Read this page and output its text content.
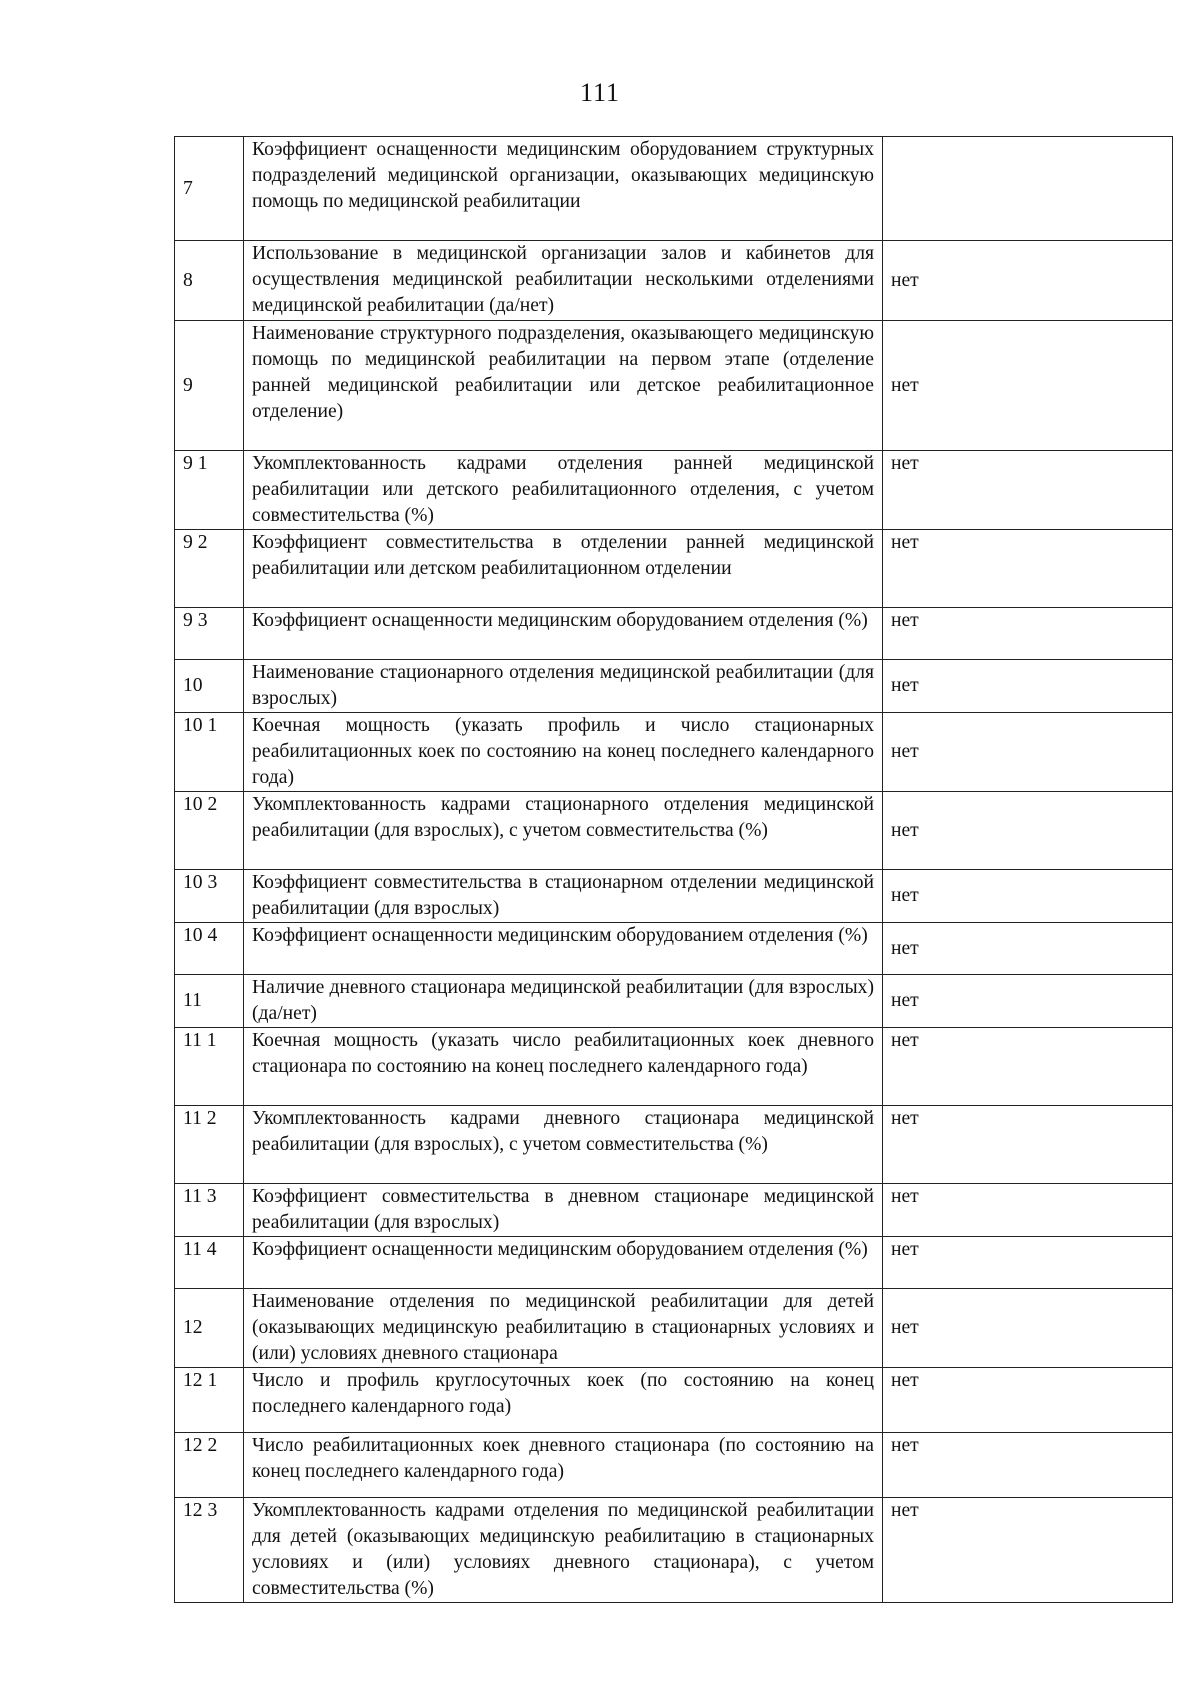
111
7	Коэффициент оснащенности медицинским оборудованием структурных подразделений медицинской организации, оказывающих медицинскую помощь по медицинской реабилитации	
8	Использование в медицинской организации залов и кабинетов для осуществления медицинской реабилитации несколькими отделениями медицинской реабилитации (да/нет)	нет
9	Наименование структурного подразделения, оказывающего медицинскую помощь по медицинской реабилитации на первом этапе (отделение ранней медицинской реабилитации или детское реабилитационное отделение)	нет
9 1	Укомплектованность кадрами отделения ранней медицинской реабилитации или детского реабилитационного отделения, с учетом совместительства (%)	нет
9 2	Коэффициент совместительства в отделении ранней медицинской реабилитации или детском реабилитационном отделении	нет
9 3	Коэффициент оснащенности медицинским оборудованием отделения (%)	нет
10	Наименование стационарного отделения медицинской реабилитации (для взрослых)	нет
10 1	Коечная мощность (указать профиль и число стационарных реабилитационных коек по состоянию на конец последнего календарного года)	нет
10 2	Укомплектованность кадрами стационарного отделения медицинской реабилитации (для взрослых), с учетом совместительства (%)	нет
10 3	Коэффициент совместительства в стационарном отделении медицинской реабилитации (для взрослых)	нет
10 4	Коэффициент оснащенности медицинским оборудованием отделения (%)	нет
11	Наличие дневного стационара медицинской реабилитации (для взрослых) (да/нет)	нет
11 1	Коечная мощность (указать число реабилитационных коек дневного стационара по состоянию на конец последнего календарного года)	нет
11 2	Укомплектованность кадрами дневного стационара медицинской реабилитации (для взрослых), с учетом совместительства (%)	нет
11 3	Коэффициент совместительства в дневном стационаре медицинской реабилитации (для взрослых)	нет
11 4	Коэффициент оснащенности медицинским оборудованием отделения (%)	нет
12	Наименование отделения по медицинской реабилитации для детей (оказывающих медицинскую реабилитацию в стационарных условиях и (или) условиях дневного стационара	нет
12 1	Число и профиль круглосуточных коек (по состоянию на конец последнего календарного года)	нет
12 2	Число реабилитационных коек дневного стационара (по состоянию на конец последнего календарного года)	нет
12 3	Укомплектованность кадрами отделения по медицинской реабилитации для детей (оказывающих медицинскую реабилитацию в стационарных условиях и (или) условиях дневного стационара), с учетом совместительства (%)	нет
